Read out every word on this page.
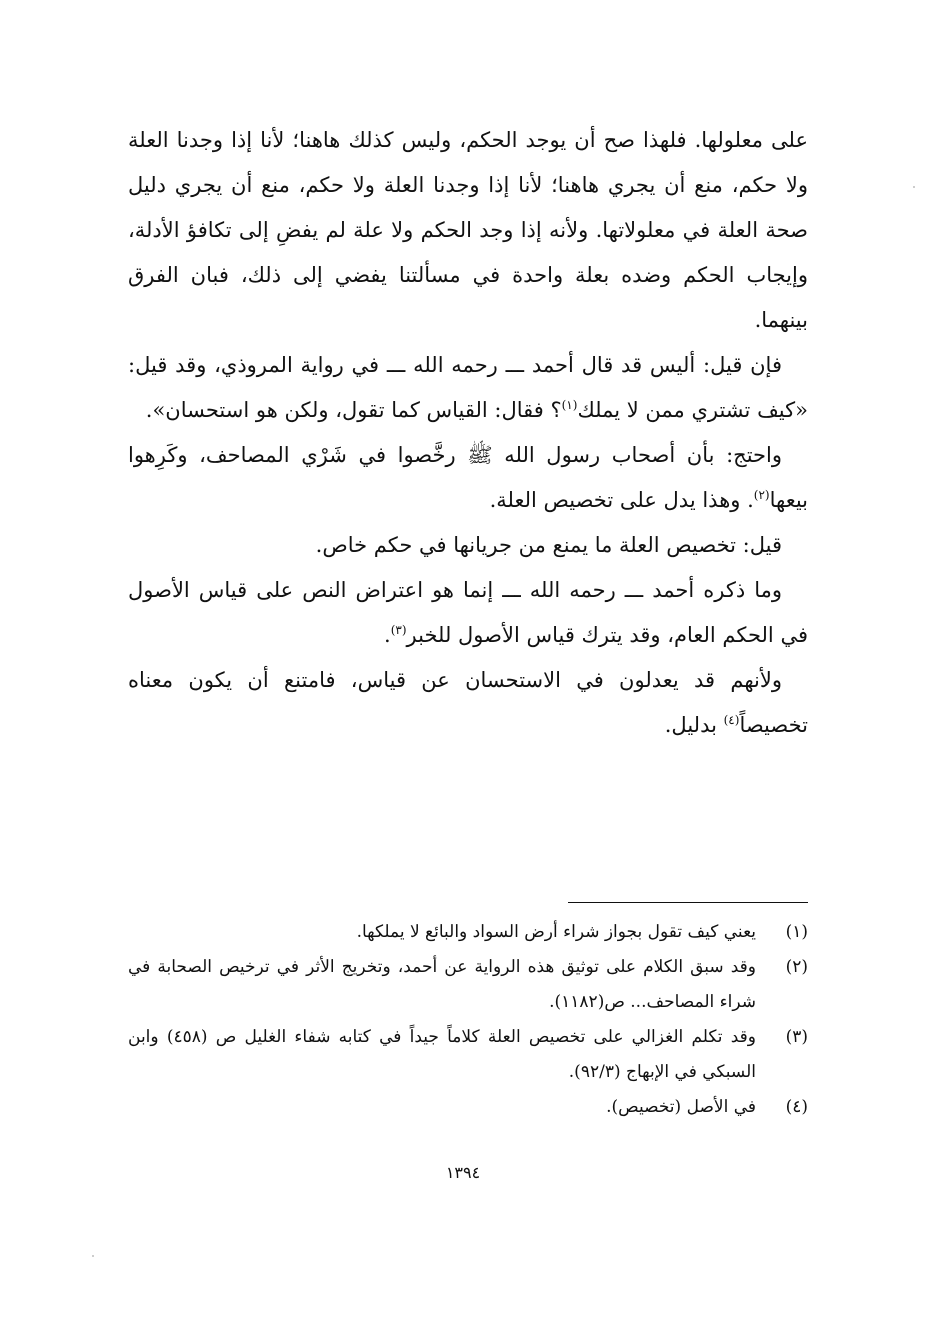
على معلولها. فلهذا صح أن يوجد الحكم، وليس كذلك هاهنا؛ لأنا إذا وجدنا العلة ولا حكم، منع أن يجري هاهنا؛ لأنا إذا وجدنا العلة ولا حكم، منع أن يجري دليل صحة العلة في معلولاتها. ولأنه إذا وجد الحكم ولا علة لم يفضِ إلى تكافؤ الأدلة، وإيجاب الحكم وضده بعلة واحدة في مسألتنا يفضي إلى ذلك، فبان الفرق بينهما.

فإن قيل: أليس قد قال أحمد ـــ رحمه الله ـــ في رواية المروذي، وقد قيل: «كيف تشتري ممن لا يملك$^{(١)}$؟ فقال: القياس كما تقول، ولكن هو استحسان».

واحتج: بأن أصحاب رسول الله ﷺ رخَّصوا في شَرْي المصاحف، وكَرِهوا بيعها$^{(٢)}$. وهذا يدل على تخصيص العلة.

قيل: تخصيص العلة ما يمنع من جريانها في حكم خاص.

وما ذكره أحمد ـــ رحمه الله ـــ إنما هو اعتراض النص على قياس الأصول في الحكم العام، وقد يترك قياس الأصول للخبر$^{(٣)}$.

ولأنهم قد يعدلون في الاستحسان عن قياس، فامتنع أن يكون معناه تخصيصاً$^{(٤)}$ بدليل.

(١)
يعني كيف تقول بجواز شراء أرض السواد والبائع لا يملكها.
(٢)
وقد سبق الكلام على توثيق هذه الرواية عن أحمد، وتخريج الأثر في ترخيص الصحابة في شراء المصاحف... ص(١١٨٢).
(٣)
وقد تكلم الغزالي على تخصيص العلة كلاماً جيداً في كتابه شفاء الغليل ص (٤٥٨) وابن السبكي في الإبهاج (٩٢/٣).
(٤)
في الأصل (تخصيص).
١٣٩٤
